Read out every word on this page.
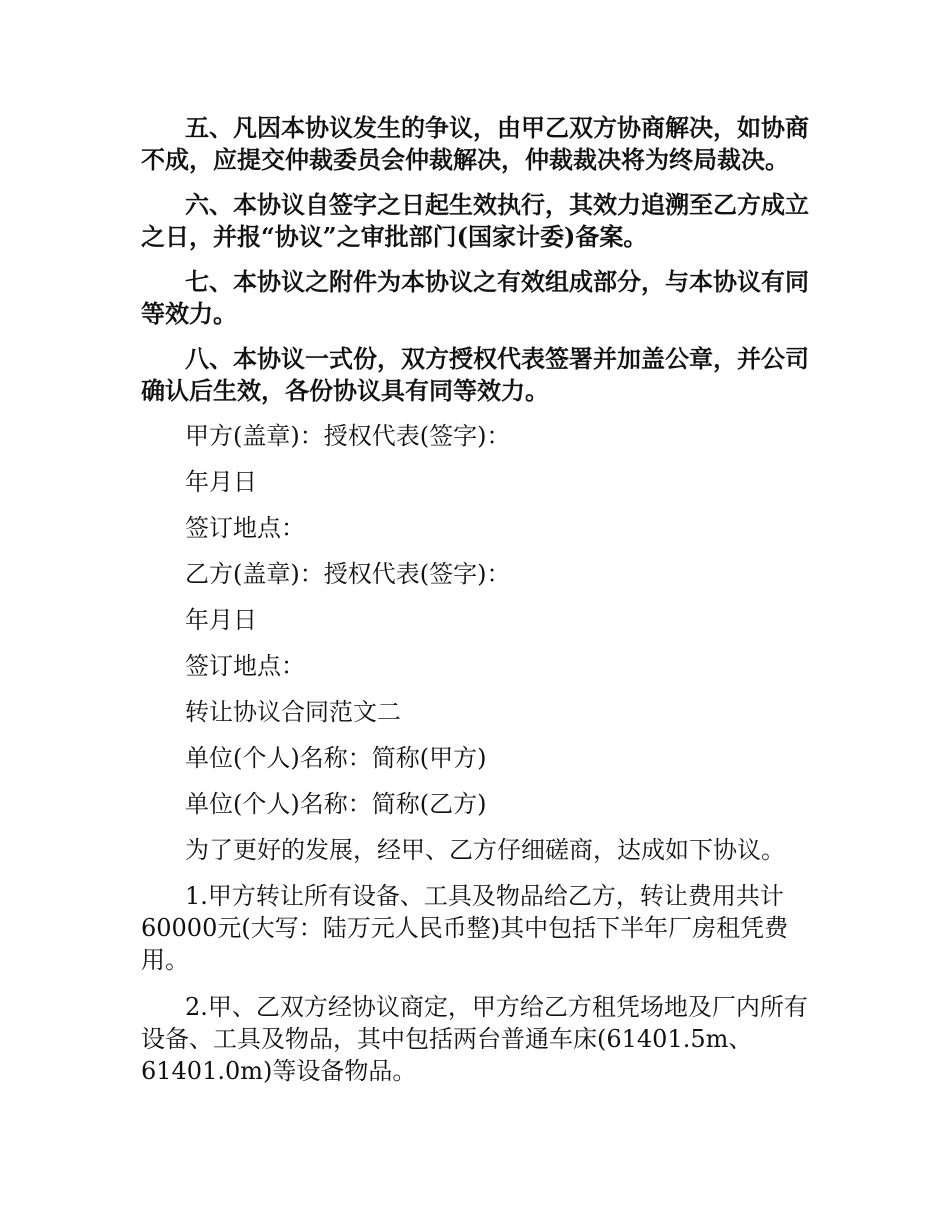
五、凡因本协议发生的争议，由甲乙双方协商解决，如协商不成，应提交仲裁委员会仲裁解决，仲裁裁决将为终局裁决。

六、本协议自签字之日起生效执行，其效力追溯至乙方成立之日，并报“协议”之审批部门(国家计委)备案。

七、本协议之附件为本协议之有效组成部分，与本协议有同等效力。

八、本协议一式份，双方授权代表签署并加盖公章，并公司确认后生效，各份协议具有同等效力。

甲方(盖章)：授权代表(签字)：

年月日

签订地点：

乙方(盖章)：授权代表(签字)：

年月日

签订地点：

转让协议合同范文二

单位(个人)名称：简称(甲方)

单位(个人)名称：简称(乙方)

为了更好的发展，经甲、乙方仔细磋商，达成如下协议。

1.甲方转让所有设备、工具及物品给乙方，转让费用共计60000元(大写：陆万元人民币整)其中包括下半年厂房租凭费用。

2.甲、乙双方经协议商定，甲方给乙方租凭场地及厂内所有设备、工具及物品，其中包括两台普通车床(61401.5m、61401.0m)等设备物品。
